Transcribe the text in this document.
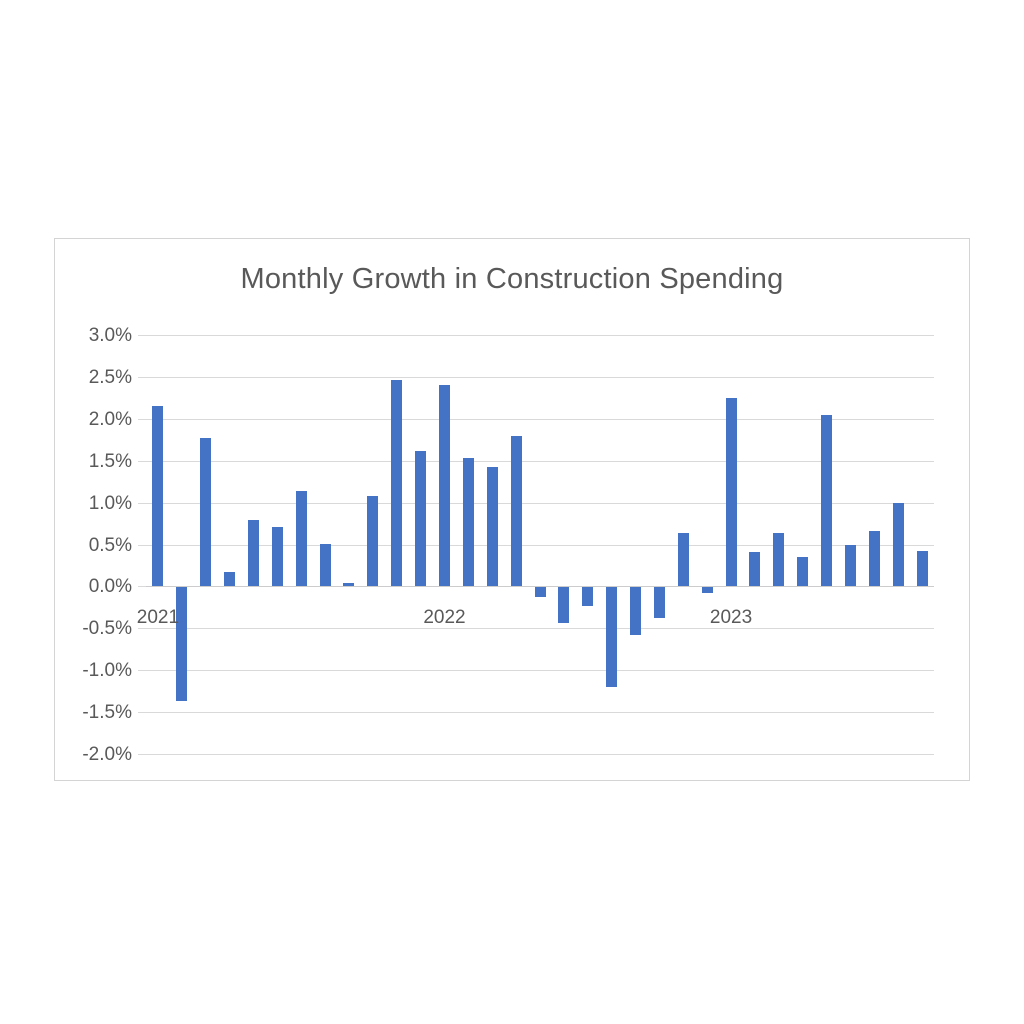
Monthly Growth in Construction Spending
3.0%
2.5%
2.0%
1.5%
1.0%
0.5%
0.0%
-0.5%
-1.0%
-1.5%
-2.0%
2021	2022	2023
